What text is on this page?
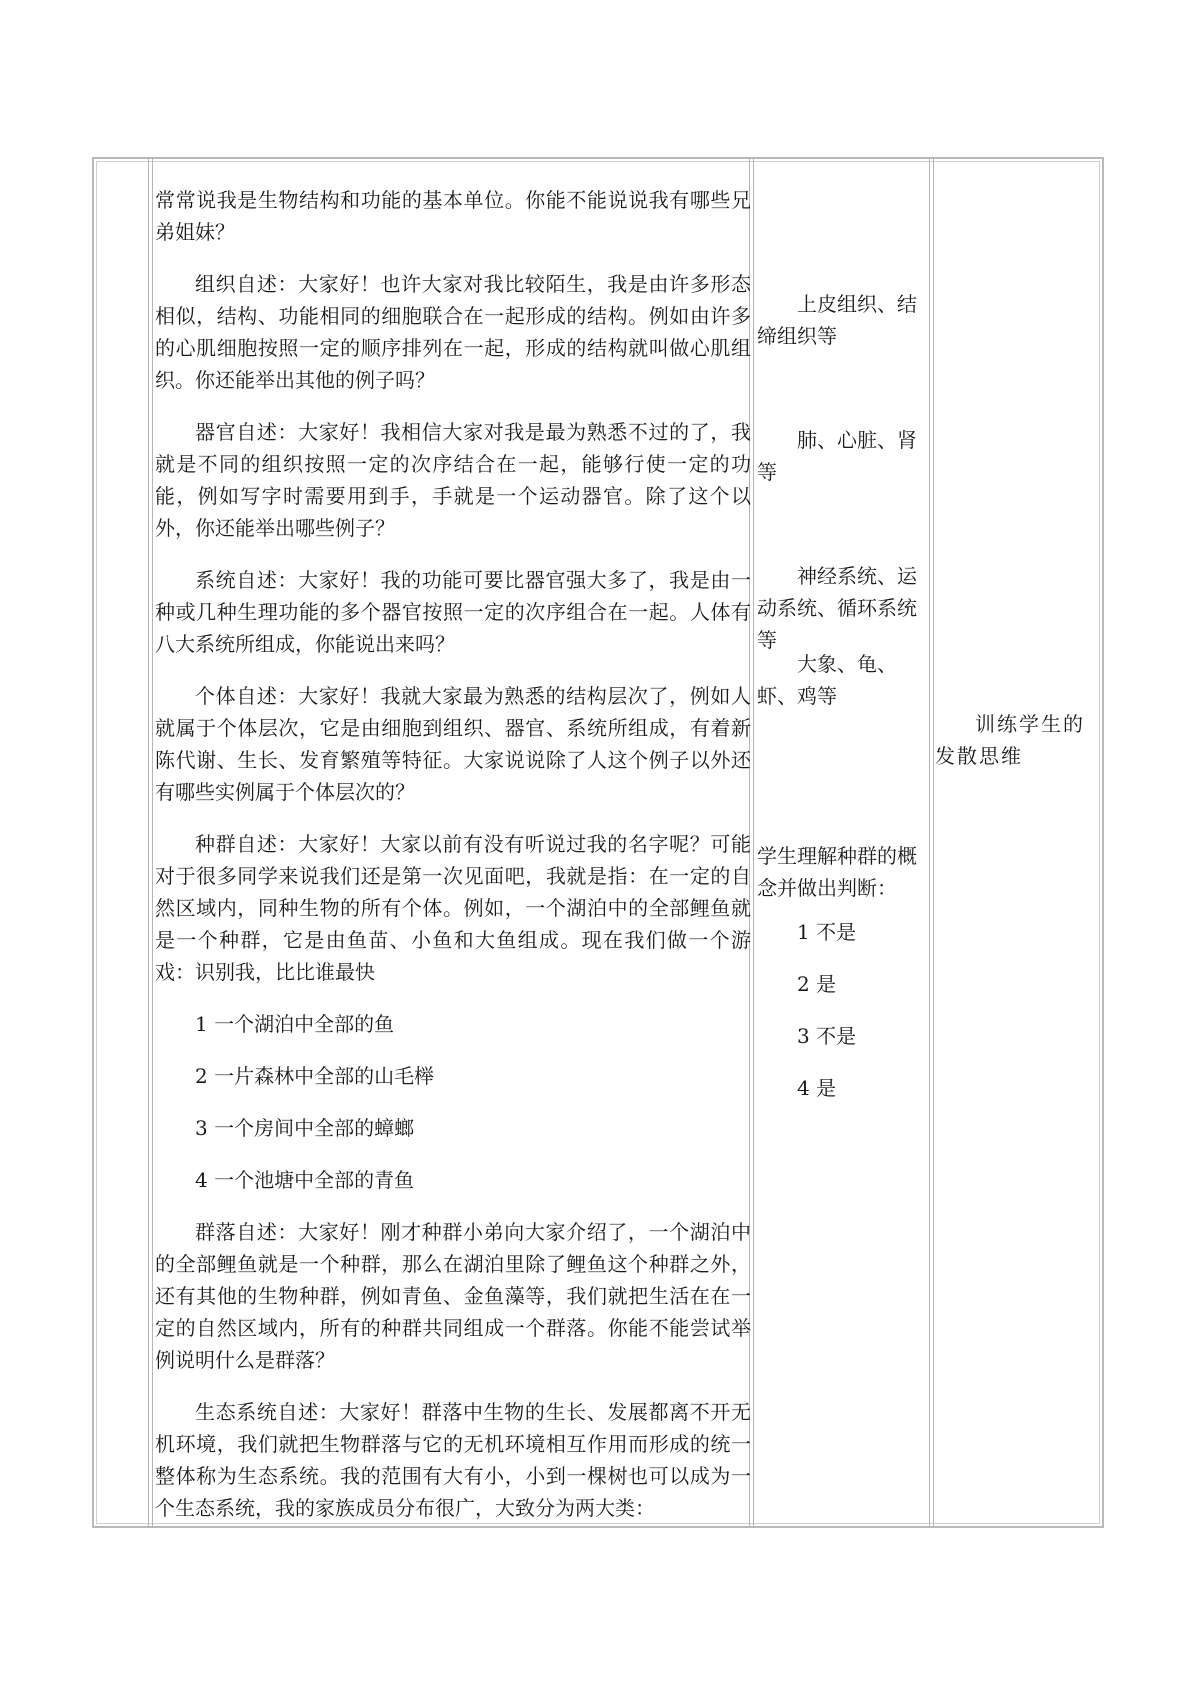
常常说我是生物结构和功能的基本单位。你能不能说说我有哪些兄弟姐妹？

组织自述：大家好！也许大家对我比较陌生，我是由许多形态相似，结构、功能相同的细胞联合在一起形成的结构。例如由许多的心肌细胞按照一定的顺序排列在一起，形成的结构就叫做心肌组织。你还能举出其他的例子吗？

器官自述：大家好！我相信大家对我是最为熟悉不过的了，我就是不同的组织按照一定的次序结合在一起，能够行使一定的功能，例如写字时需要用到手，手就是一个运动器官。除了这个以外，你还能举出哪些例子？

系统自述：大家好！我的功能可要比器官强大多了，我是由一种或几种生理功能的多个器官按照一定的次序组合在一起。人体有八大系统所组成，你能说出来吗？

个体自述：大家好！我就大家最为熟悉的结构层次了，例如人就属于个体层次，它是由细胞到组织、器官、系统所组成，有着新陈代谢、生长、发育繁殖等特征。大家说说除了人这个例子以外还有哪些实例属于个体层次的？

种群自述：大家好！大家以前有没有听说过我的名字呢？可能对于很多同学来说我们还是第一次见面吧，我就是指：在一定的自然区域内，同种生物的所有个体。例如，一个湖泊中的全部鲤鱼就是一个种群，它是由鱼苗、小鱼和大鱼组成。现在我们做一个游戏：识别我，比比谁最快

1 一个湖泊中全部的鱼

2 一片森林中全部的山毛榉

3 一个房间中全部的蟑螂

4 一个池塘中全部的青鱼

群落自述：大家好！刚才种群小弟向大家介绍了，一个湖泊中的全部鲤鱼就是一个种群，那么在湖泊里除了鲤鱼这个种群之外，还有其他的生物种群，例如青鱼、金鱼藻等，我们就把生活在在一定的自然区域内，所有的种群共同组成一个群落。你能不能尝试举例说明什么是群落？

生态系统自述：大家好！群落中生物的生长、发展都离不开无机环境，我们就把生物群落与它的无机环境相互作用而形成的统一整体称为生态系统。我的范围有大有小，小到一棵树也可以成为一个生态系统，我的家族成员分布很广，大致分为两大类：

上皮组织、结缔组织等

肺、心脏、肾等

神经系统、运动系统、循环系统等

大象、龟、虾、鸡等

学生理解种群的概念并做出判断：

1 不是

2 是

3 不是

4 是

训练学生的发散思维
